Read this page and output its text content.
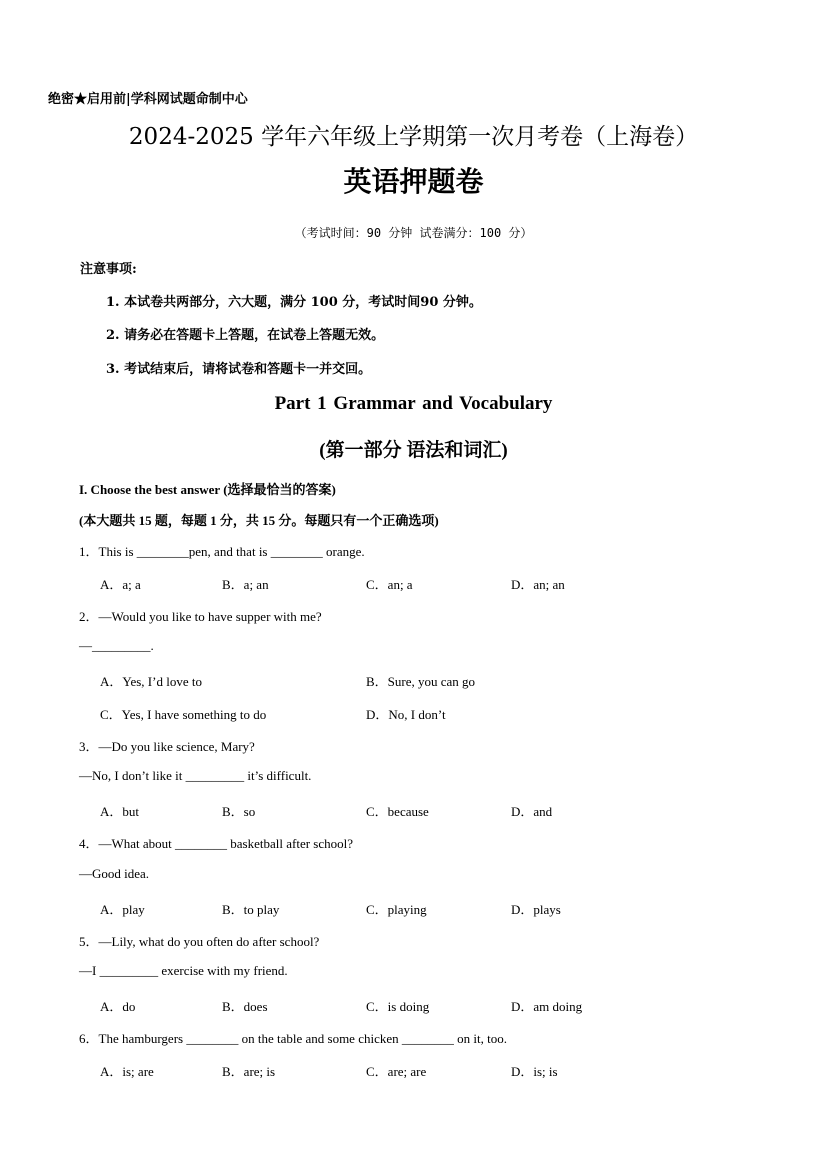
绝密★启用前|学科网试题命制中心
2024-2025 学年六年级上学期第一次月考卷（上海卷）
英语押题卷
（考试时间：90 分钟 试卷满分：100 分）
注意事项:
1. 本试卷共两部分，六大题，满分 100 分，考试时间90 分钟。
2. 请务必在答题卡上答题，在试卷上答题无效。
3. 考试结束后，请将试卷和答题卡一并交回。
Part 1 Grammar and Vocabulary
(第一部分 语法和词汇)
I. Choose the best answer (选择最恰当的答案)
(本大题共 15 题，每题 1 分，共 15 分。每题只有一个正确选项)
1．This is ________pen, and that is ________ orange.
A．a; a	B．a; an	C．an; a	D．an; an
2．—Would you like to have supper with me?
—_________.
A．Yes, I’d love to	B．Sure, you can go
C．Yes, I have something to do	D．No, I don’t
3．—Do you like science, Mary?
—No, I don’t like it _________ it’s difficult.
A．but	B．so	C．because	D．and
4．—What about ________ basketball after school?
—Good idea.
A．play	B．to play	C．playing	D．plays
5．—Lily, what do you often do after school?
—I _________ exercise with my friend.
A．do	B．does	C．is doing	D．am doing
6．The hamburgers ________ on the table and some chicken ________ on it, too.
A．is; are	B．are; is	C．are; are	D．is; is
